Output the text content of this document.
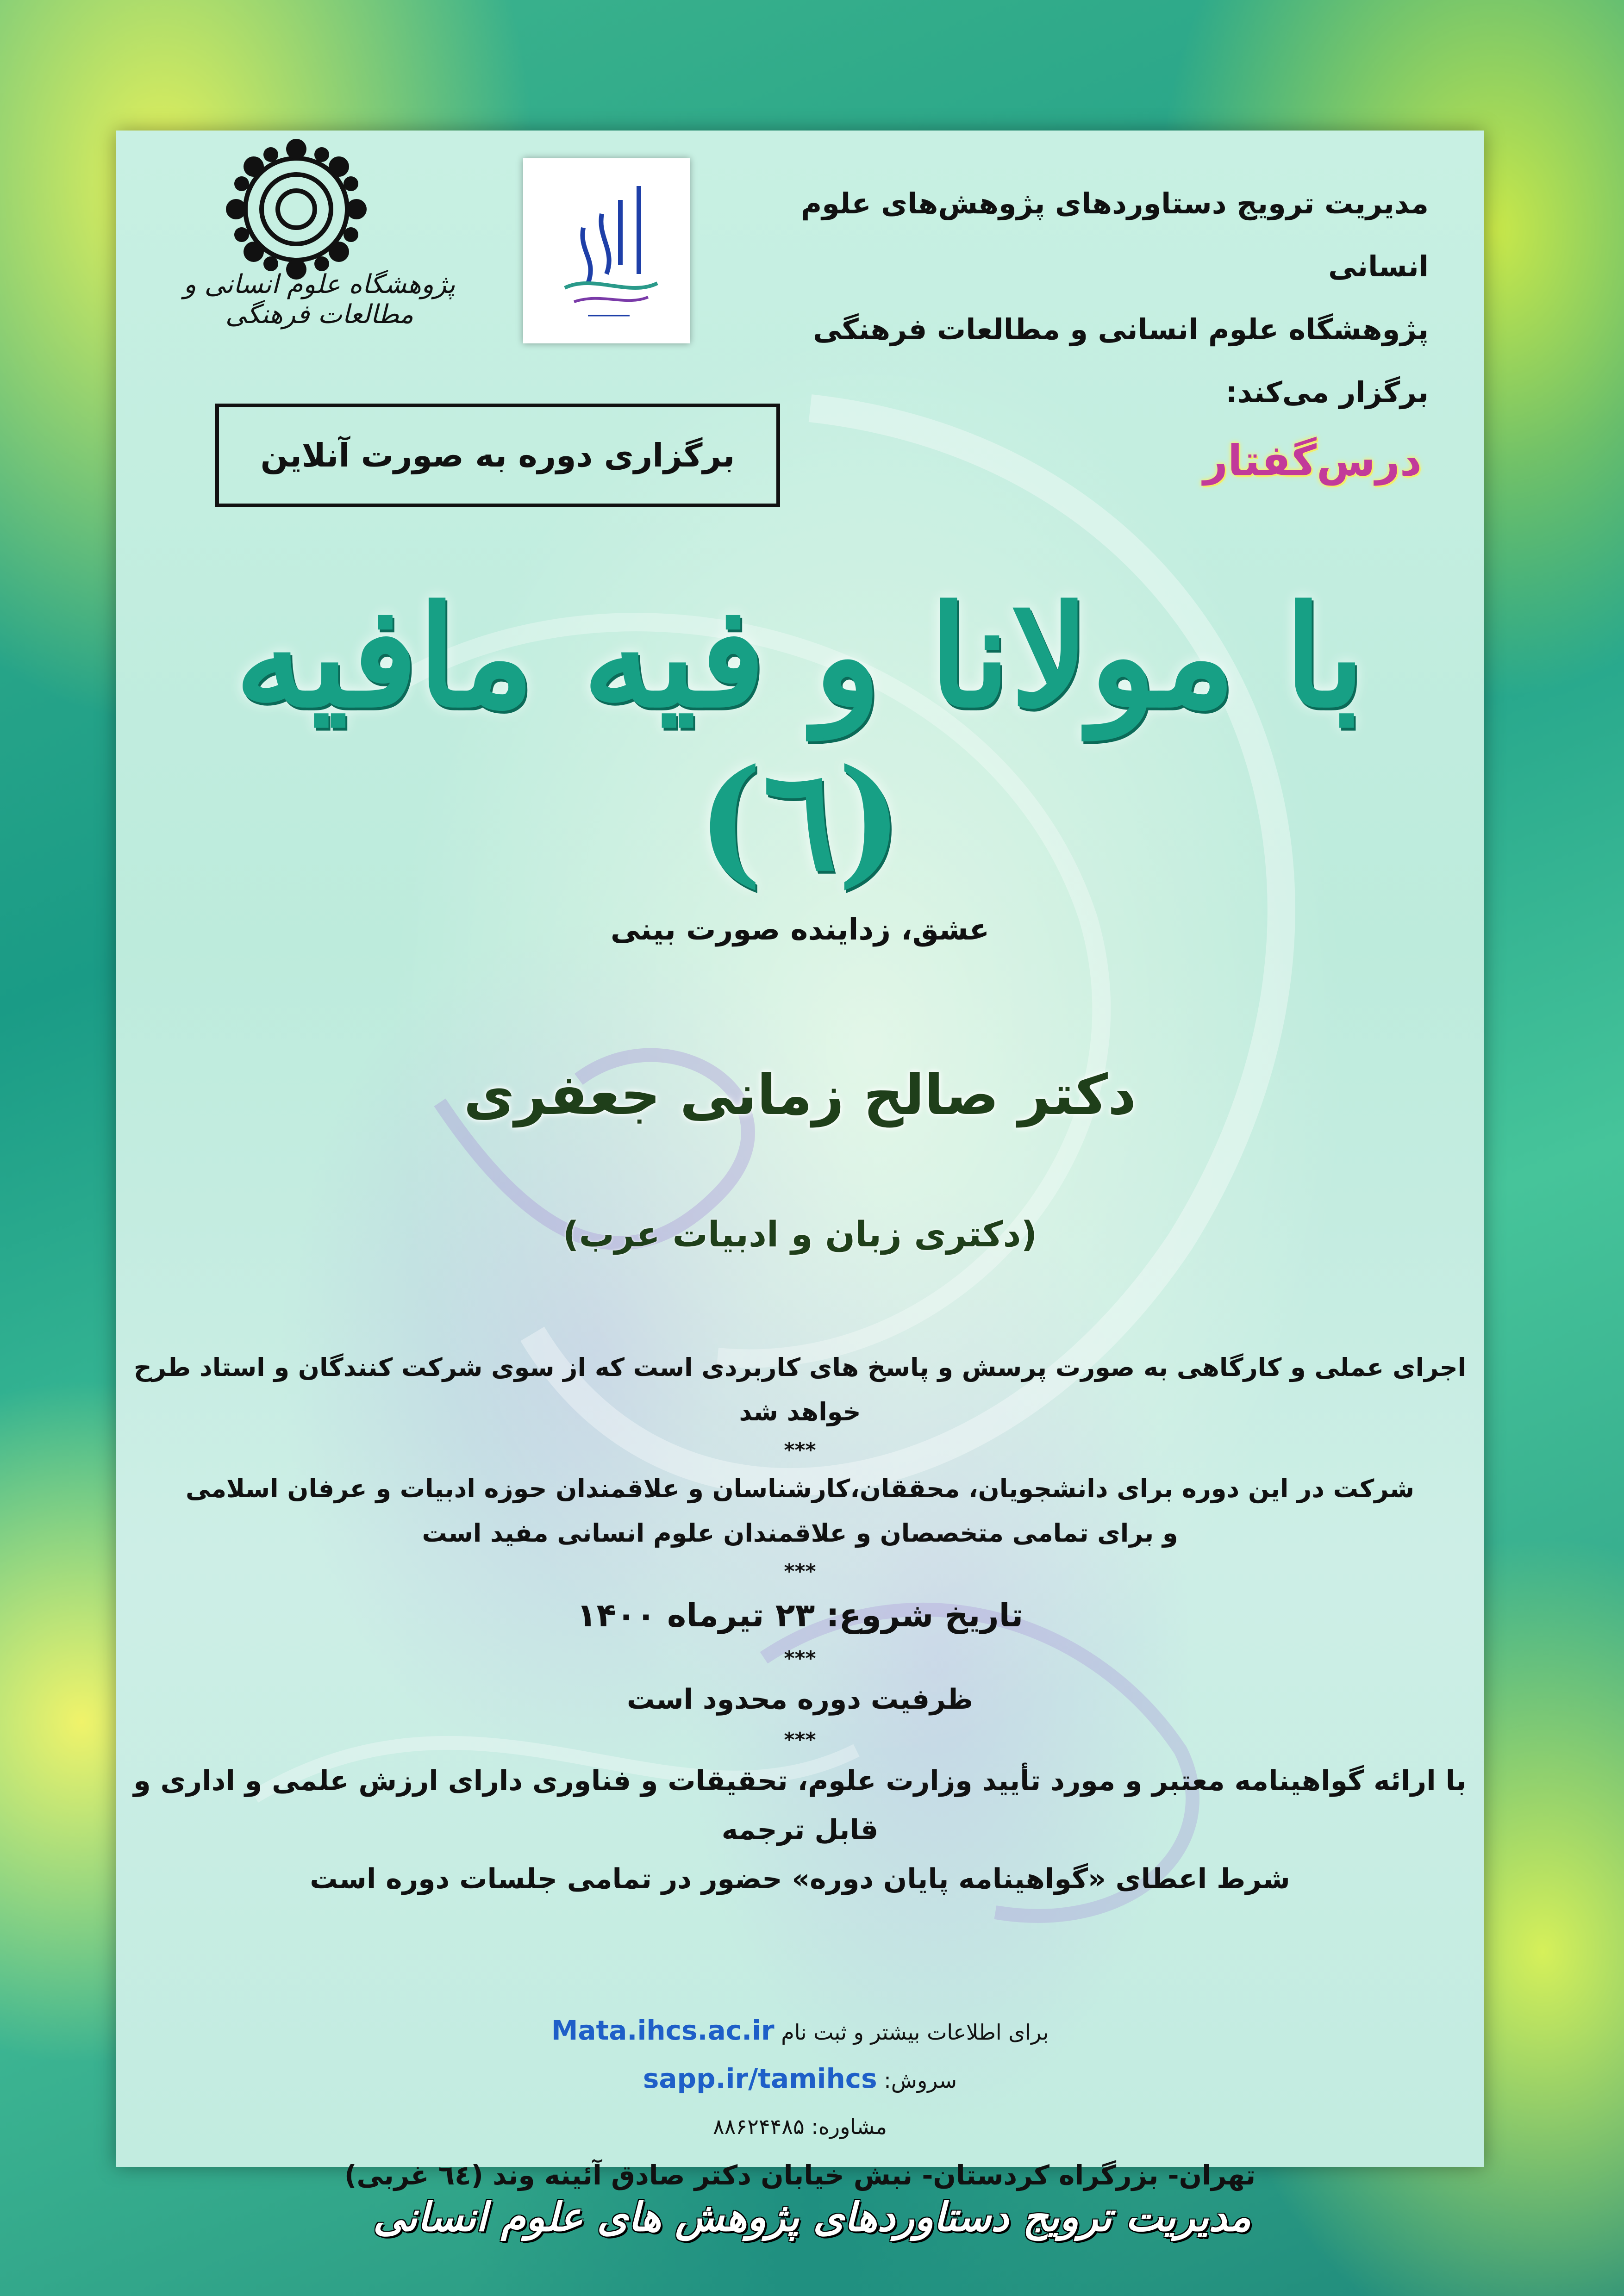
مدیریت ترویج دستاوردهای پژوهش‌های علوم انسانی
پژوهشگاه علوم انسانی و مطالعات فرهنگی
برگزار می‌کند:
پژوهشگاه علوم انسانی و مطالعات فرهنگی
برگزاری دوره به صورت آنلاین	درس‌گفتار
با مولانا و فیه مافیه (٦)
عشق، زداینده صورت بینی
دکتر صالح زمانی جعفری
(دکتری زبان و ادبیات عرب)
اجرای عملی و کارگاهی به صورت پرسش و پاسخ های کاربردی است که از سوی شرکت کنندگان و استاد طرح خواهد شد
***
شرکت در این دوره برای دانشجویان، محققان،کارشناسان و علاقمندان حوزه ادبیات و عرفان اسلامی
و برای تمامی متخصصان و علاقمندان علوم انسانی مفید است
***
تاریخ شروع: ۲۳ تیرماه ۱۴۰۰
***
ظرفیت دوره محدود است
***
با ارائه گواهینامه معتبر و مورد تأیید وزارت علوم، تحقیقات و فناوری دارای ارزش علمی و اداری و قابل ترجمه
شرط اعطای «گواهینامه پایان دوره» حضور در تمامی جلسات دوره است
برای اطلاعات بیشتر و ثبت نام Mata.ihcs.ac.ir
سروش: sapp.ir/tamihcs
مشاوره: ۸۸۶۲۴۴۸۵
تهران- بزرگراه کردستان- نبش خیابان دکتر صادق آئینه وند (٦٤ غربی)
مدیریت ترویج دستاوردهای پژوهش های علوم انسانی
